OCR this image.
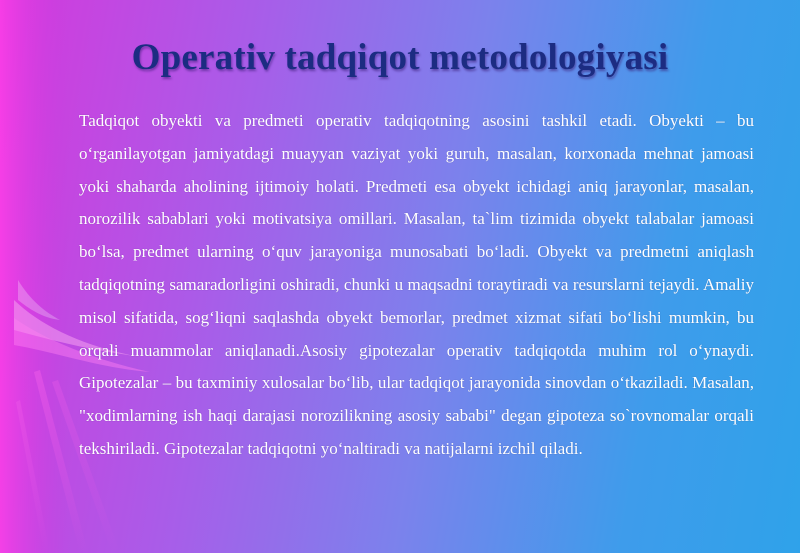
Operativ tadqiqot metodologiyasi

Tadqiqot obyekti va predmeti operativ tadqiqotning asosini tashkil etadi. Obyekti – bu o‘rganilayotgan jamiyatdagi muayyan vaziyat yoki guruh, masalan, korxonada mehnat jamoasi yoki shaharda aholining ijtimoiy holati. Predmeti esa obyekt ichidagi aniq jarayonlar, masalan, norozilik sabablari yoki motivatsiya omillari. Masalan, ta`lim tizimida obyekt talabalar jamoasi bo‘lsa, predmet ularning o‘quv jarayoniga munosabati bo‘ladi. Obyekt va predmetni aniqlash tadqiqotning samaradorligini oshiradi, chunki u maqsadni toraytiradi va resurslarni tejaydi. Amaliy misol sifatida, sog‘liqni saqlashda obyekt bemorlar, predmet xizmat sifati bo‘lishi mumkin, bu orqali muammolar aniqlanadi.Asosiy gipotezalar operativ tadqiqotda muhim rol o‘ynaydi. Gipotezalar – bu taxminiy xulosalar bo‘lib, ular tadqiqot jarayonida sinovdan o‘tkaziladi. Masalan, "xodimlarning ish haqi darajasi norozilikning asosiy sababi" degan gipoteza so`rovnomalar orqali tekshiriladi. Gipotezalar tadqiqotni yo‘naltiradi va natijalarni izchil qiladi.
